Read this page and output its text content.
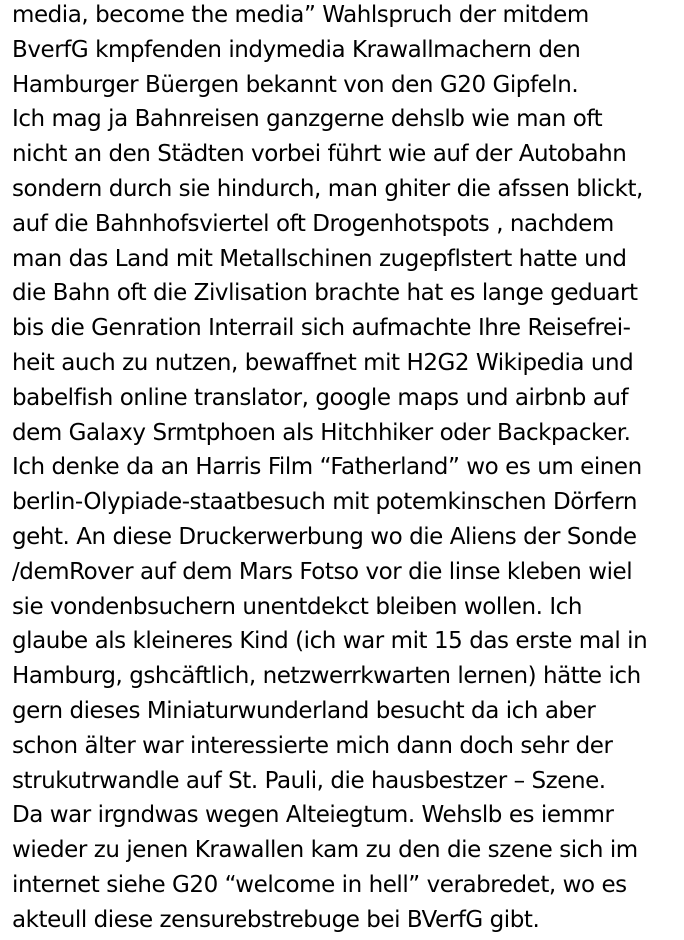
media, become the media” Wahlspruch der mitdem
BverfG kmpfenden indymedia Krawallmachern den
Hamburger Büergen bekannt von den G20 Gipfeln.
Ich mag ja Bahnreisen ganzgerne dehslb wie man oft
nicht an den Städten vorbei führt wie auf der Autobahn
sondern durch sie hindurch, man ghiter die afssen blickt,
auf die Bahnhofsviertel oft Drogenhotspots , nachdem
man das Land mit Metallschinen zugepflstert hatte und
die Bahn oft die Zivlisation brachte hat es lange geduart
bis die Genration Interrail sich aufmachte Ihre Reisefrei-
heit auch zu nutzen, bewaffnet mit H2G2 Wikipedia und
babelfish online translator, google maps und airbnb auf
dem Galaxy Srmtphoen als Hitchhiker oder Backpacker.
Ich denke da an Harris Film “Fatherland” wo es um einen
berlin-Olypiade-staatbesuch mit potemkinschen Dörfern
geht. An diese Druckerwerbung wo die Aliens der Sonde
/demRover auf dem Mars Fotso vor die linse kleben wiel
sie vondenbsuchern unentdekct bleiben wollen. Ich
glaube als kleineres Kind (ich war mit 15 das erste mal in
Hamburg, gshcäftlich, netzwerrkwarten lernen) hätte ich
gern dieses Miniaturwunderland besucht da ich aber
schon älter war interessierte mich dann doch sehr der
strukutrwandle auf St. Pauli, die hausbestzer – Szene.
Da war irgndwas wegen Alteiegtum. Wehslb es iemmr
wieder zu jenen Krawallen kam zu den die szene sich im
internet siehe G20 “welcome in hell” verabredet, wo es
akteull diese zensurebstrebuge bei BVerfG gibt.
